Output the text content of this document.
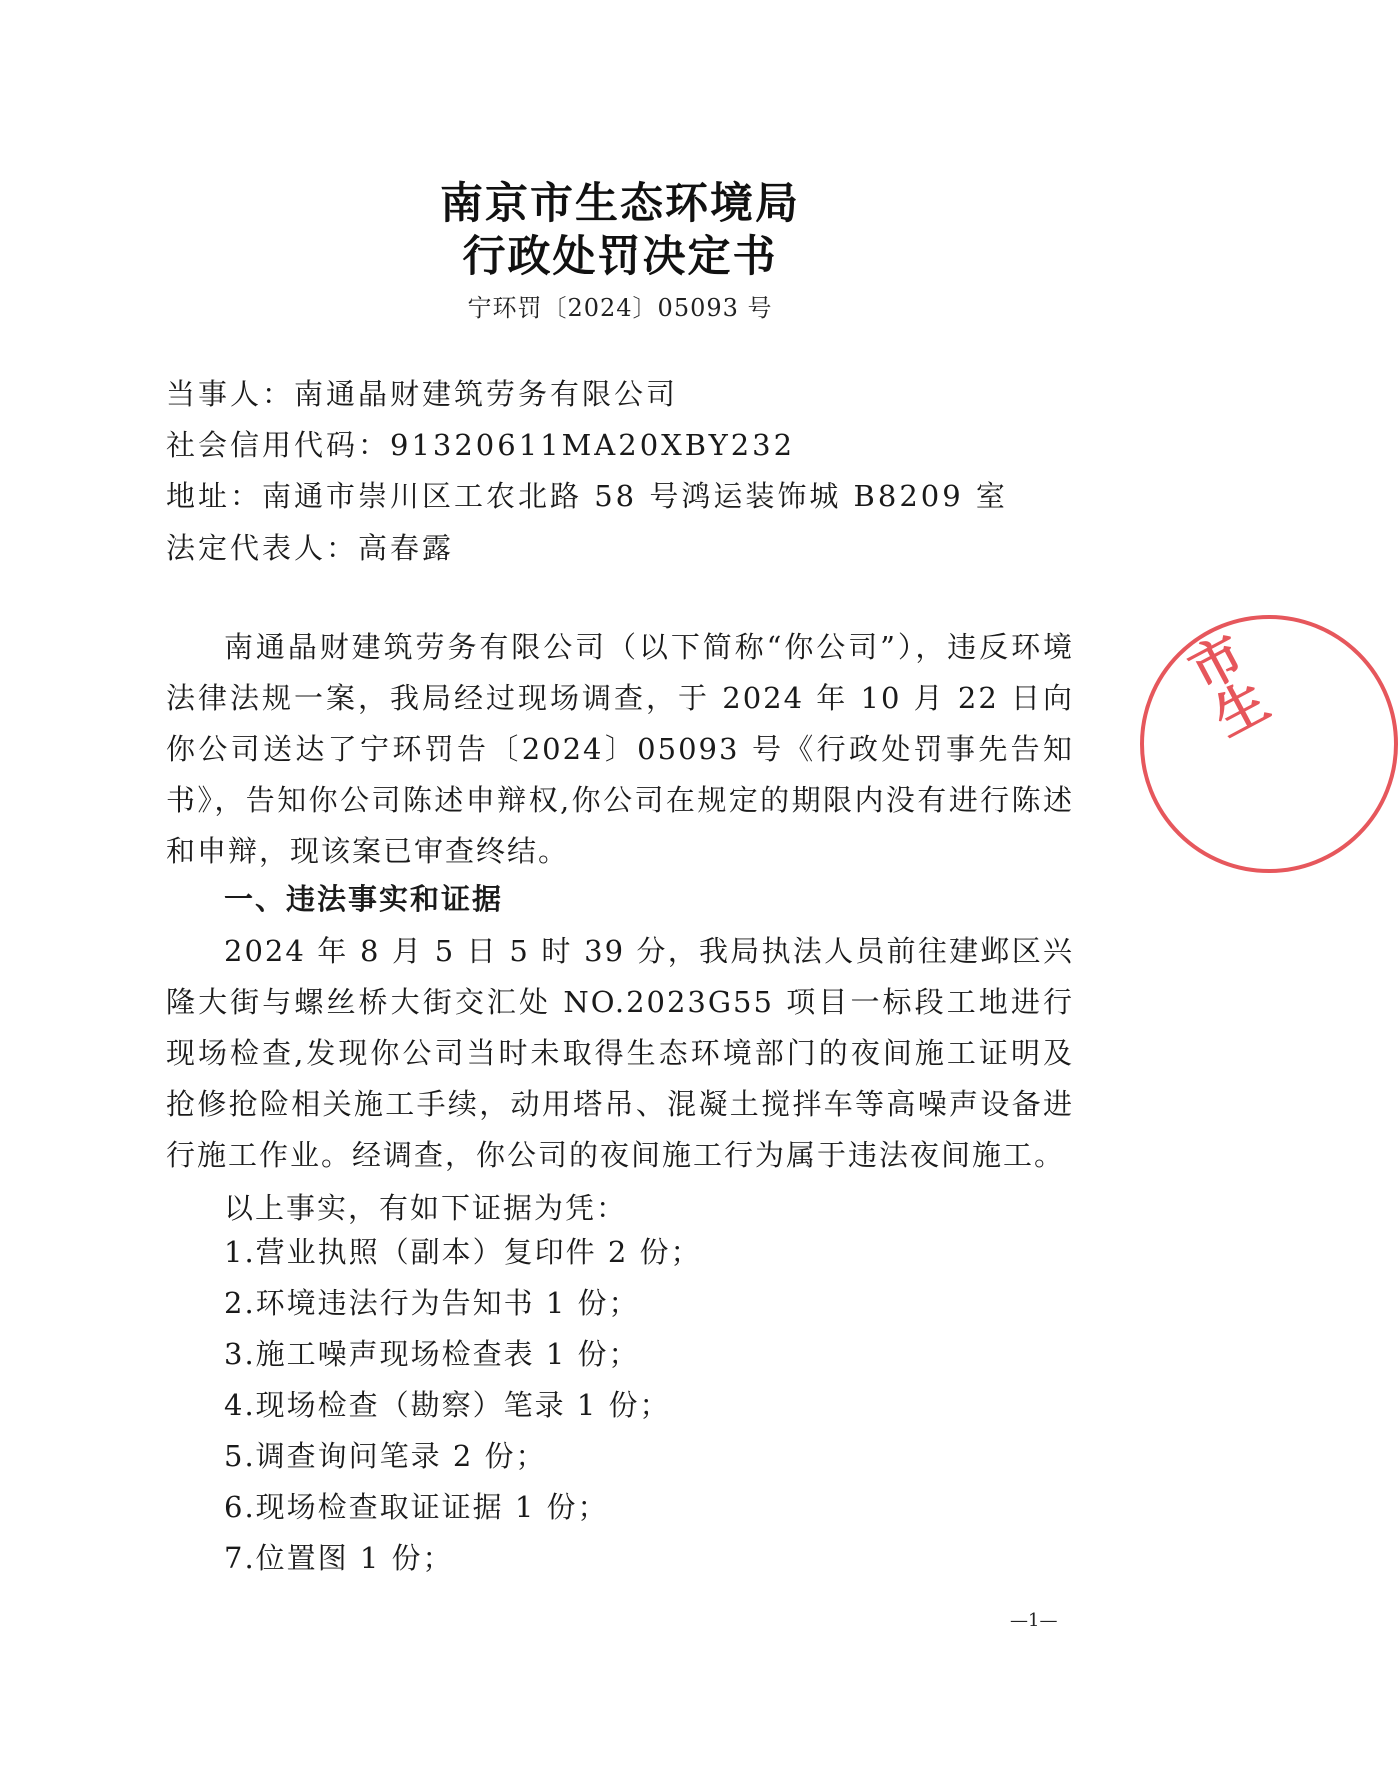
南京市生态环境局
行政处罚决定书
宁环罚〔2024〕05093 号
当事人：南通晶财建筑劳务有限公司
社会信用代码：91320611MA20XBY232
地址：南通市崇川区工农北路 58 号鸿运装饰城 B8209 室
法定代表人：高春露
南通晶财建筑劳务有限公司（以下简称“你公司”），违反环境法律法规一案，我局经过现场调查，于 2024 年 10 月 22 日向你公司送达了宁环罚告〔2024〕05093 号《行政处罚事先告知书》，告知你公司陈述申辩权,你公司在规定的期限内没有进行陈述和申辩，现该案已审查终结。
一、违法事实和证据
2024 年 8 月 5 日 5 时 39 分，我局执法人员前往建邺区兴隆大街与螺丝桥大街交汇处 NO.2023G55 项目一标段工地进行现场检查,发现你公司当时未取得生态环境部门的夜间施工证明及抢修抢险相关施工手续，动用塔吊、混凝土搅拌车等高噪声设备进行施工作业。经调查，你公司的夜间施工行为属于违法夜间施工。
以上事实，有如下证据为凭：
1.营业执照（副本）复印件 2 份；
2.环境违法行为告知书 1 份；
3.施工噪声现场检查表 1 份；
4.现场检查（勘察）笔录 1 份；
5.调查询问笔录 2 份；
6.现场检查取证证据 1 份；
7.位置图 1 份；
—1—
市生
